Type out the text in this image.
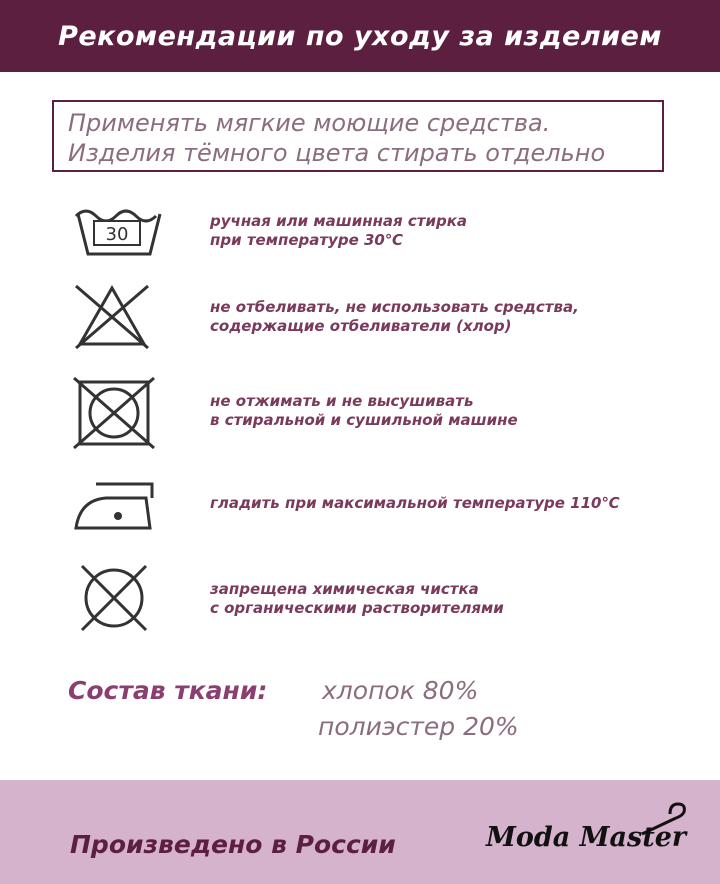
Рекомендации по уходу за изделием
Применять мягкие моющие средства.
Изделия тёмного цвета стирать отдельно
30
ручная или машинная стирка
при температуре 30℃
не отбеливать, не использовать средства,
содержащие отбеливатели (хлор)
не отжимать и не высушивать
в стиральной и сушильной машине
гладить при максимальной температуре 110℃
запрещена химическая чистка
с органическими растворителями
Состав ткани: хлопок 80%
полиэстер 20%
Произведено в России	Moda Master
